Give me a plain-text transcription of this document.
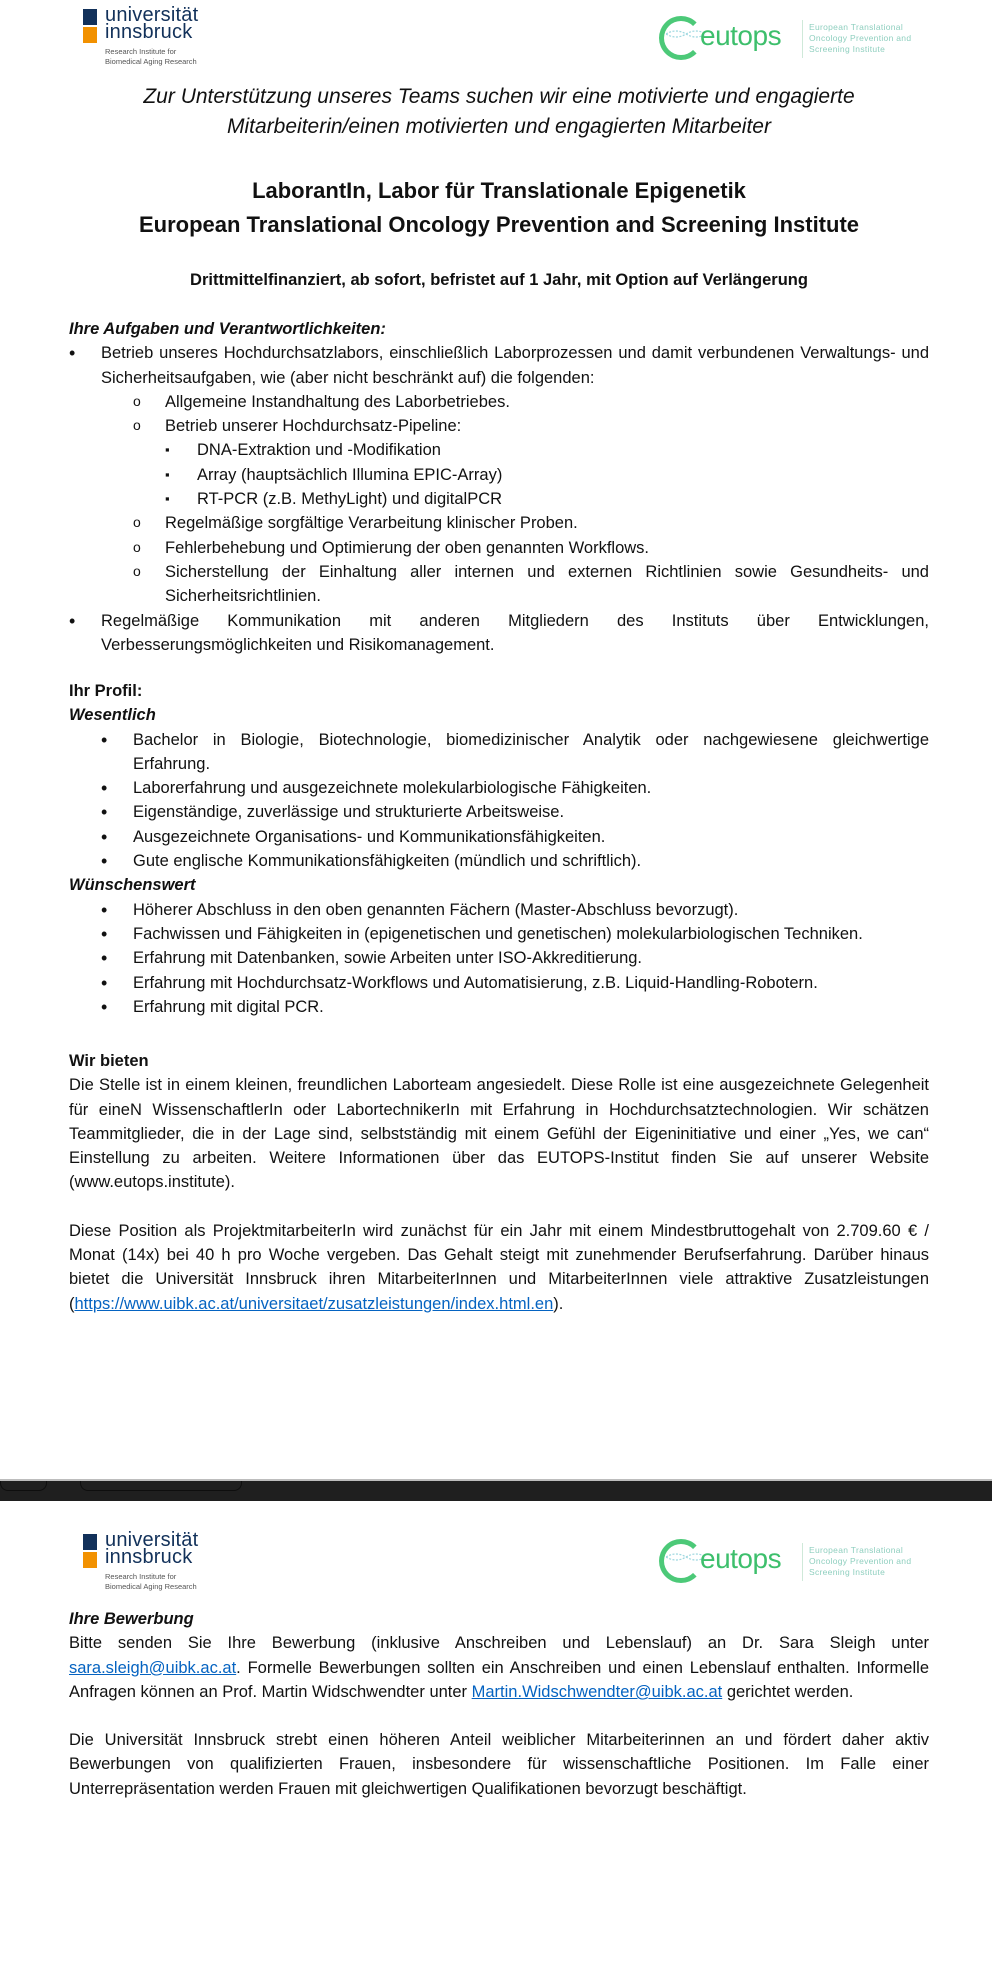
universität
innsbruck
Research Institute for
Biomedical Aging Research
eutops	European Translational
Oncology Prevention and
Screening Institute
Zur Unterstützung unseres Teams suchen wir eine motivierte und engagierte
Mitarbeiterin/einen motivierten und engagierten Mitarbeiter
LaborantIn, Labor für Translationale Epigenetik
European Translational Oncology Prevention and Screening Institute
Drittmittelfinanziert, ab sofort, befristet auf 1 Jahr, mit Option auf Verlängerung
Ihre Aufgaben und Verantwortlichkeiten:
• Betrieb unseres Hochdurchsatzlabors, einschließlich Laborprozessen und damit verbundenen Verwaltungs- und Sicherheitsaufgaben, wie (aber nicht beschränkt auf) die folgenden:
o Allgemeine Instandhaltung des Laborbetriebes.
o Betrieb unserer Hochdurchsatz-Pipeline:
▪ DNA-Extraktion und -Modifikation
▪ Array (hauptsächlich Illumina EPIC-Array)
▪ RT-PCR (z.B. MethyLight) und digitalPCR
o Regelmäßige sorgfältige Verarbeitung klinischer Proben.
o Fehlerbehebung und Optimierung der oben genannten Workflows.
o Sicherstellung der Einhaltung aller internen und externen Richtlinien sowie Gesundheits- und Sicherheitsrichtlinien.
• Regelmäßige Kommunikation mit anderen Mitgliedern des Instituts über Entwicklungen, Verbesserungsmöglichkeiten und Risikomanagement.
Ihr Profil:
Wesentlich
• Bachelor in Biologie, Biotechnologie, biomedizinischer Analytik oder nachgewiesene gleichwertige Erfahrung.
• Laborerfahrung und ausgezeichnete molekularbiologische Fähigkeiten.
• Eigenständige, zuverlässige und strukturierte Arbeitsweise.
• Ausgezeichnete Organisations- und Kommunikationsfähigkeiten.
• Gute englische Kommunikationsfähigkeiten (mündlich und schriftlich).
Wünschenswert
• Höherer Abschluss in den oben genannten Fächern (Master-Abschluss bevorzugt).
• Fachwissen und Fähigkeiten in (epigenetischen und genetischen) molekularbiologischen Techniken.
• Erfahrung mit Datenbanken, sowie Arbeiten unter ISO-Akkreditierung.
• Erfahrung mit Hochdurchsatz-Workflows und Automatisierung, z.B. Liquid-Handling-Robotern.
• Erfahrung mit digital PCR.
Wir bieten

Die Stelle ist in einem kleinen, freundlichen Laborteam angesiedelt. Diese Rolle ist eine ausgezeichnete Gelegenheit für eineN WissenschaftlerIn oder LabortechnikerIn mit Erfahrung in Hochdurchsatztechnologien. Wir schätzen Teammitglieder, die in der Lage sind, selbstständig mit einem Gefühl der Eigeninitiative und einer „Yes, we can“ Einstellung zu arbeiten. Weitere Informationen über das EUTOPS-Institut finden Sie auf unserer Website (www.eutops.institute).

Diese Position als ProjektmitarbeiterIn wird zunächst für ein Jahr mit einem Mindestbruttogehalt von 2.709.60 € / Monat (14x) bei 40 h pro Woche vergeben. Das Gehalt steigt mit zunehmender Berufserfahrung. Darüber hinaus bietet die Universität Innsbruck ihren MitarbeiterInnen und MitarbeiterInnen viele attraktive Zusatzleistungen (https://www.uibk.ac.at/universitaet/zusatzleistungen/index.html.en).

universität
innsbruck
Research Institute for
Biomedical Aging Research
eutops	European Translational
Oncology Prevention and
Screening Institute
Ihre Bewerbung

Bitte senden Sie Ihre Bewerbung (inklusive Anschreiben und Lebenslauf) an Dr. Sara Sleigh unter sara.sleigh@uibk.ac.at. Formelle Bewerbungen sollten ein Anschreiben und einen Lebenslauf enthalten. Informelle Anfragen können an Prof. Martin Widschwendter unter Martin.Widschwendter@uibk.ac.at gerichtet werden.

Die Universität Innsbruck strebt einen höheren Anteil weiblicher Mitarbeiterinnen an und fördert daher aktiv Bewerbungen von qualifizierten Frauen, insbesondere für wissenschaftliche Positionen. Im Falle einer Unterrepräsentation werden Frauen mit gleichwertigen Qualifikationen bevorzugt beschäftigt.
